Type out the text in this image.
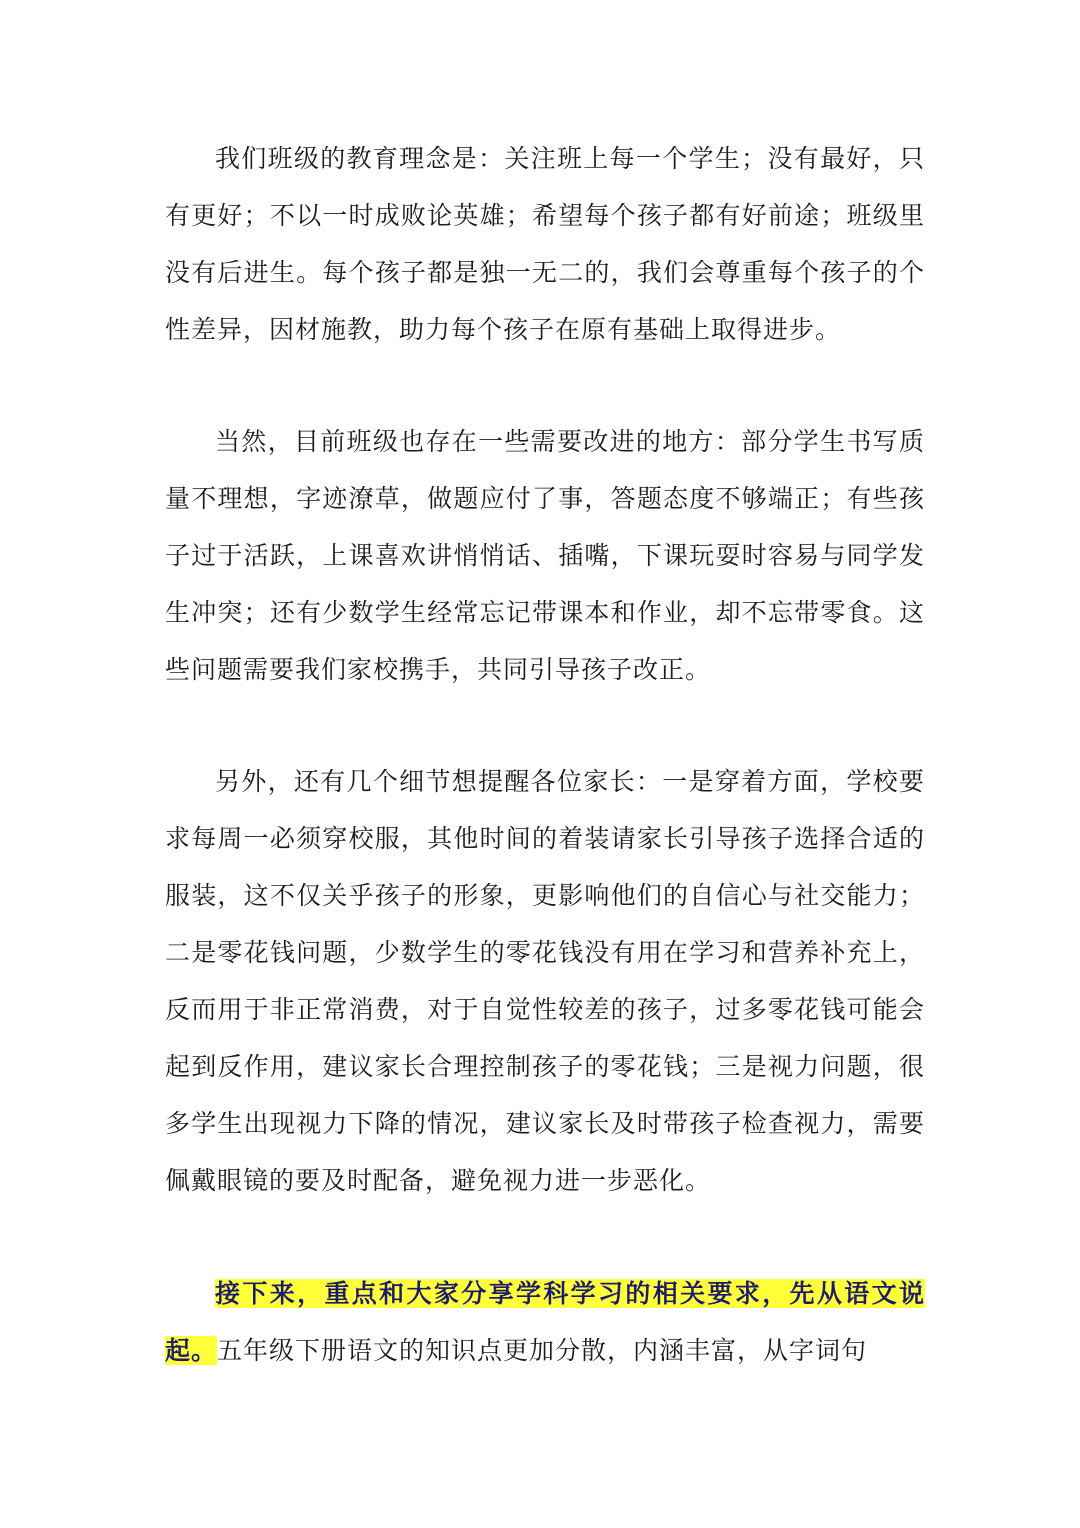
我们班级的教育理念是：关注班上每一个学生；没有最好，只有更好；不以一时成败论英雄；希望每个孩子都有好前途；班级里没有后进生。每个孩子都是独一无二的，我们会尊重每个孩子的个性差异，因材施教，助力每个孩子在原有基础上取得进步。

当然，目前班级也存在一些需要改进的地方：部分学生书写质量不理想，字迹潦草，做题应付了事，答题态度不够端正；有些孩子过于活跃，上课喜欢讲悄悄话、插嘴，下课玩耍时容易与同学发生冲突；还有少数学生经常忘记带课本和作业，却不忘带零食。这些问题需要我们家校携手，共同引导孩子改正。

另外，还有几个细节想提醒各位家长：一是穿着方面，学校要求每周一必须穿校服，其他时间的着装请家长引导孩子选择合适的服装，这不仅关乎孩子的形象，更影响他们的自信心与社交能力；二是零花钱问题，少数学生的零花钱没有用在学习和营养补充上，反而用于非正常消费，对于自觉性较差的孩子，过多零花钱可能会起到反作用，建议家长合理控制孩子的零花钱；三是视力问题，很多学生出现视力下降的情况，建议家长及时带孩子检查视力，需要佩戴眼镜的要及时配备，避免视力进一步恶化。

接下来，重点和大家分享学科学习的相关要求，先从语文说起。五年级下册语文的知识点更加分散，内涵丰富，从字词句
